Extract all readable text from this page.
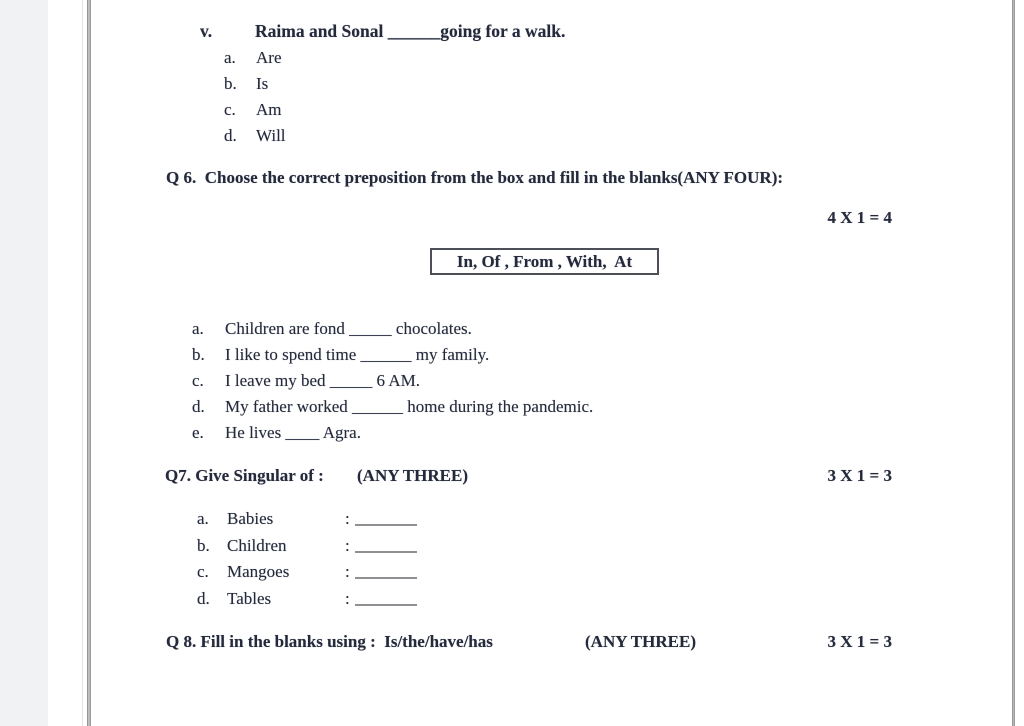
v. Raima and Sonal ______going for a walk.
a. Are
b. Is
c. Am
d. Will
Q 6.  Choose the correct preposition from the box and fill in the blanks(ANY FOUR):
4 X 1 = 4
In, Of , From , With,  At
a. Children are fond _____ chocolates.
b. I like to spend time ______ my family.
c. I leave my bed _____ 6 AM.
d. My father worked ______ home during the pandemic.
e. He lives ____ Agra.
Q7. Give Singular of : (ANY THREE)	3 X 1 = 3
a. Babies	:
b. Children	:
c. Mangoes	:
d. Tables	:
Q 8. Fill in the blanks using :  Is/the/have/has	(ANY THREE)	3 X 1 = 3
